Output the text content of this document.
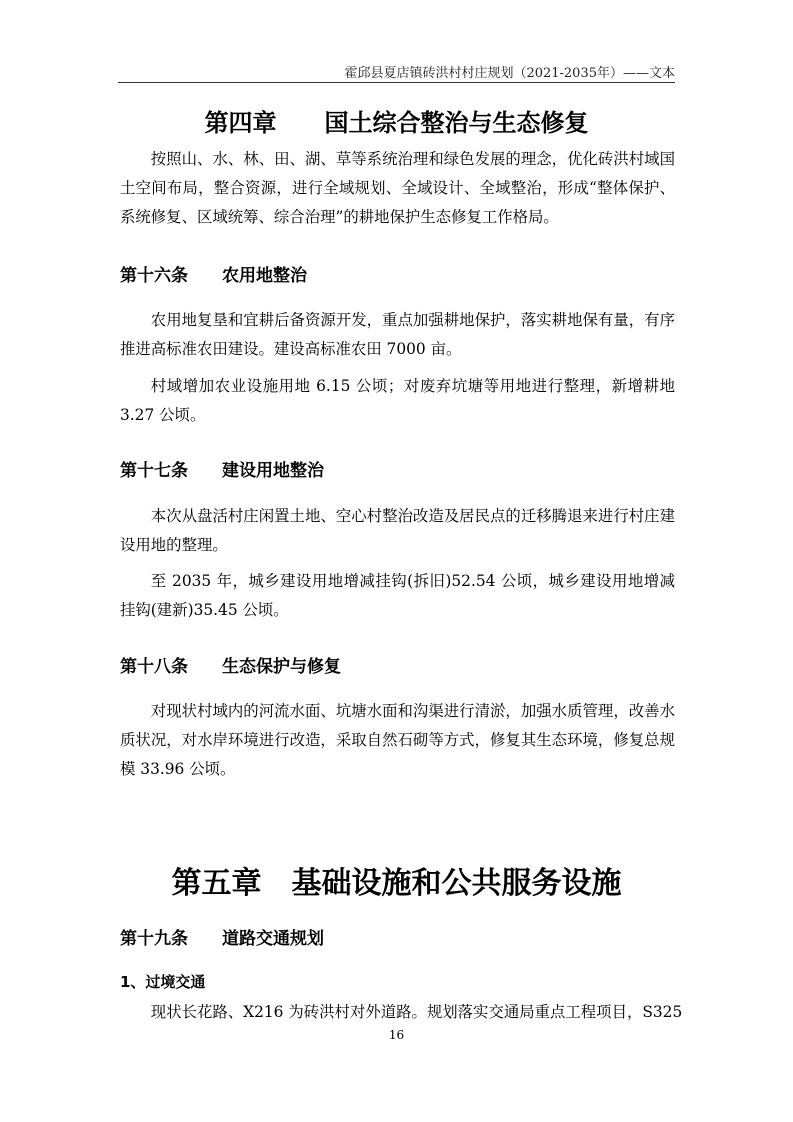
霍邱县夏店镇砖洪村村庄规划（2021-2035年）——文本
第四章　　国土综合整治与生态修复

按照山、水、林、田、湖、草等系统治理和绿色发展的理念，优化砖洪村域国土空间布局，整合资源，进行全域规划、全域设计、全域整治，形成“整体保护、系统修复、区域统筹、综合治理”的耕地保护生态修复工作格局。

第十六条　　农用地整治

农用地复垦和宜耕后备资源开发，重点加强耕地保护，落实耕地保有量，有序推进高标准农田建设。建设高标准农田 7000 亩。

村域增加农业设施用地 6.15 公顷；对废弃坑塘等用地进行整理，新增耕地 3.27 公顷。

第十七条　　建设用地整治

本次从盘活村庄闲置土地、空心村整治改造及居民点的迁移腾退来进行村庄建设用地的整理。

至 2035 年，城乡建设用地增减挂钩(拆旧)52.54 公顷，城乡建设用地增减挂钩(建新)35.45 公顷。

第十八条　　生态保护与修复

对现状村域内的河流水面、坑塘水面和沟渠进行清淤，加强水质管理，改善水质状况，对水岸环境进行改造，采取自然石砌等方式，修复其生态环境，修复总规模 33.96 公顷。

第五章　基础设施和公共服务设施
第十九条　　道路交通规划
1、过境交通

现状长花路、X216 为砖洪村对外道路。规划落实交通局重点工程项目，S325

16
